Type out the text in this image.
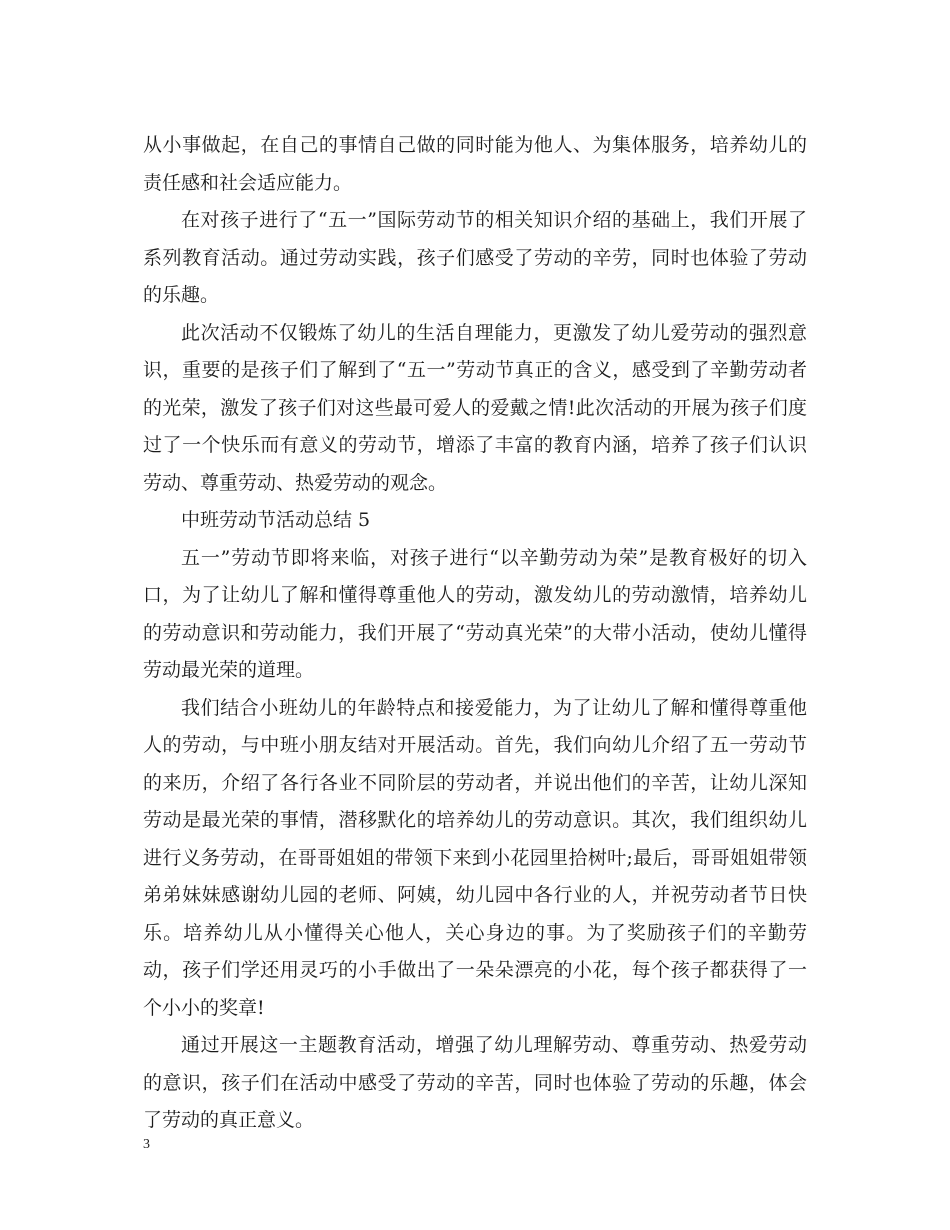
从小事做起，在自己的事情自己做的同时能为他人、为集体服务，培养幼儿的责任感和社会适应能力。

在对孩子进行了“五一”国际劳动节的相关知识介绍的基础上，我们开展了系列教育活动。通过劳动实践，孩子们感受了劳动的辛劳，同时也体验了劳动的乐趣。

此次活动不仅锻炼了幼儿的生活自理能力，更激发了幼儿爱劳动的强烈意识，重要的是孩子们了解到了“五一”劳动节真正的含义，感受到了辛勤劳动者的光荣，激发了孩子们对这些最可爱人的爱戴之情!此次活动的开展为孩子们度过了一个快乐而有意义的劳动节，增添了丰富的教育内涵，培养了孩子们认识劳动、尊重劳动、热爱劳动的观念。

中班劳动节活动总结 5

五一”劳动节即将来临，对孩子进行“以辛勤劳动为荣”是教育极好的切入口，为了让幼儿了解和懂得尊重他人的劳动，激发幼儿的劳动激情，培养幼儿的劳动意识和劳动能力，我们开展了“劳动真光荣”的大带小活动，使幼儿懂得劳动最光荣的道理。

我们结合小班幼儿的年龄特点和接爱能力，为了让幼儿了解和懂得尊重他人的劳动，与中班小朋友结对开展活动。首先，我们向幼儿介绍了五一劳动节的来历，介绍了各行各业不同阶层的劳动者，并说出他们的辛苦，让幼儿深知劳动是最光荣的事情，潜移默化的培养幼儿的劳动意识。其次，我们组织幼儿进行义务劳动，在哥哥姐姐的带领下来到小花园里拾树叶;最后，哥哥姐姐带领弟弟妹妹感谢幼儿园的老师、阿姨，幼儿园中各行业的人，并祝劳动者节日快乐。培养幼儿从小懂得关心他人，关心身边的事。为了奖励孩子们的辛勤劳动，孩子们学还用灵巧的小手做出了一朵朵漂亮的小花，每个孩子都获得了一个小小的奖章!

通过开展这一主题教育活动，增强了幼儿理解劳动、尊重劳动、热爱劳动的意识，孩子们在活动中感受了劳动的辛苦，同时也体验了劳动的乐趣，体会了劳动的真正意义。

3
